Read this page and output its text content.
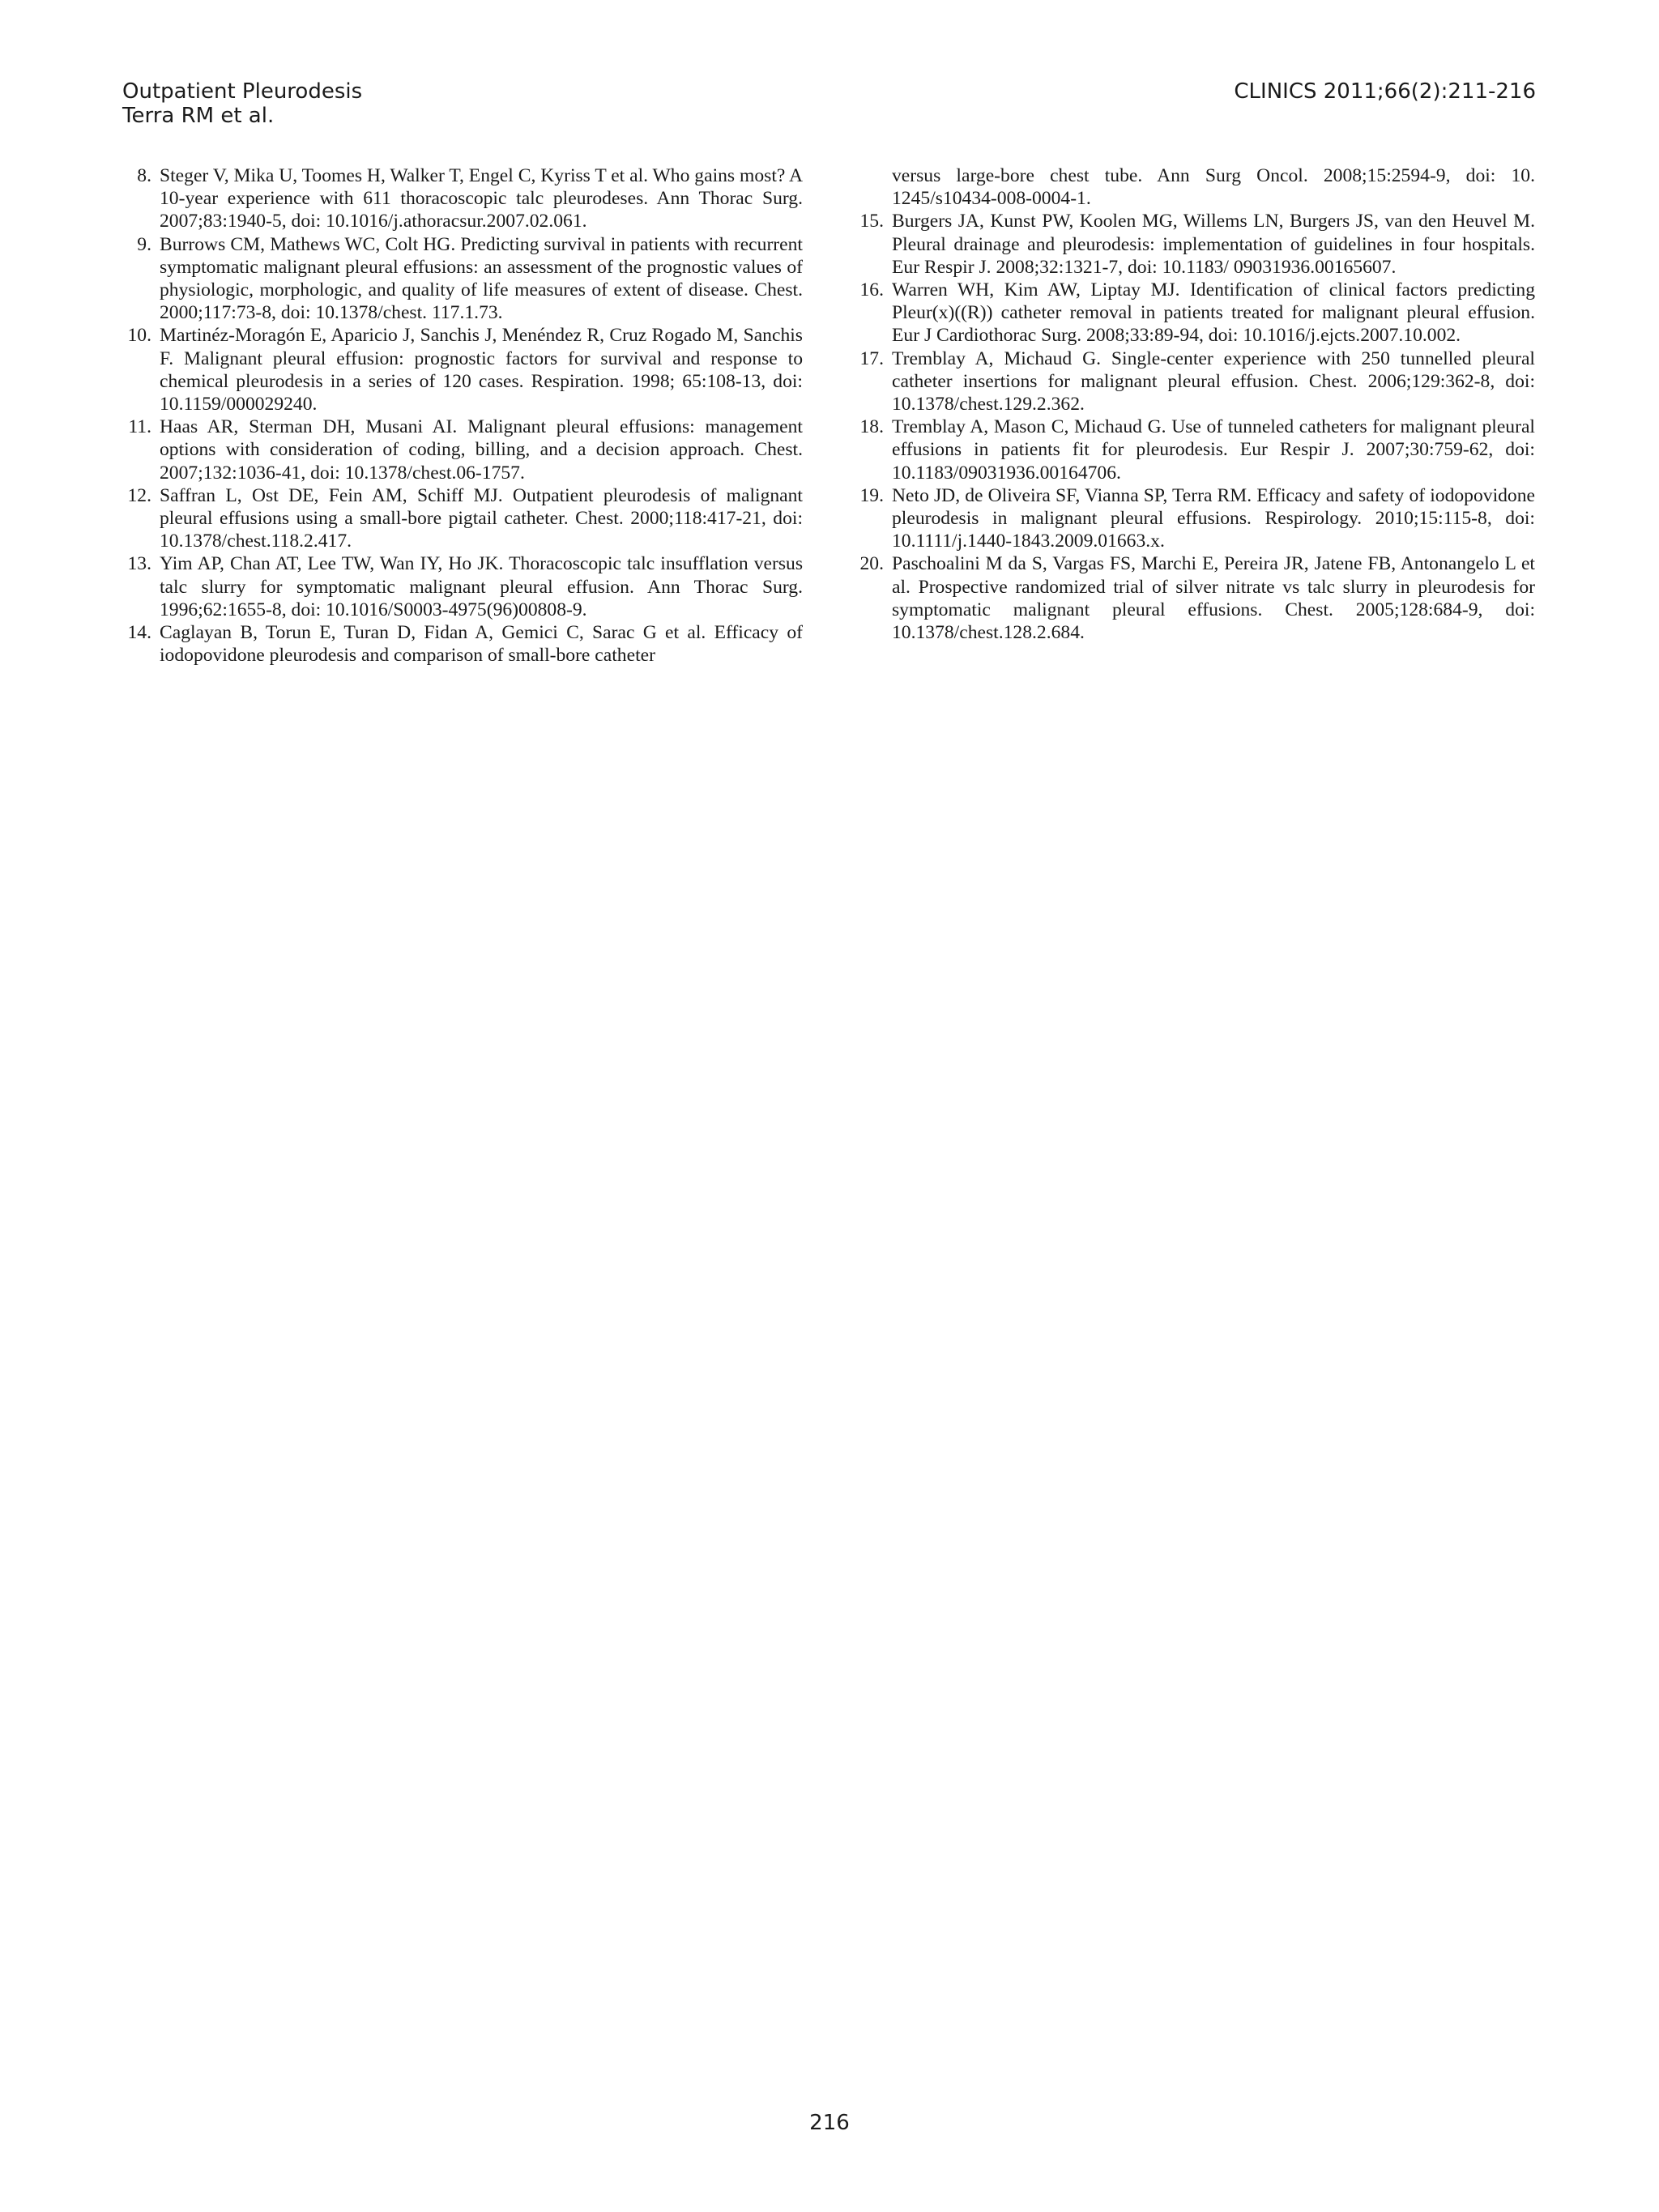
Outpatient Pleurodesis
Terra RM et al.
CLINICS 2011;66(2):211-216

8. Steger V, Mika U, Toomes H, Walker T, Engel C, Kyriss T et al. Who gains most? A 10-year experience with 611 thoracoscopic talc pleurodeses. Ann Thorac Surg. 2007;83:1940-5, doi: 10.1016/j.athoracsur.2007.02.061.

9. Burrows CM, Mathews WC, Colt HG. Predicting survival in patients with recurrent symptomatic malignant pleural effusions: an assessment of the prognostic values of physiologic, morphologic, and quality of life measures of extent of disease. Chest. 2000;117:73-8, doi: 10.1378/chest. 117.1.73.

10. Martinéz-Moragón E, Aparicio J, Sanchis J, Menéndez R, Cruz Rogado M, Sanchis F. Malignant pleural effusion: prognostic factors for survival and response to chemical pleurodesis in a series of 120 cases. Respiration. 1998; 65:108-13, doi: 10.1159/000029240.

11. Haas AR, Sterman DH, Musani AI. Malignant pleural effusions: management options with consideration of coding, billing, and a decision approach. Chest. 2007;132:1036-41, doi: 10.1378/chest.06-1757.

12. Saffran L, Ost DE, Fein AM, Schiff MJ. Outpatient pleurodesis of malignant pleural effusions using a small-bore pigtail catheter. Chest. 2000;118:417-21, doi: 10.1378/chest.118.2.417.

13. Yim AP, Chan AT, Lee TW, Wan IY, Ho JK. Thoracoscopic talc insufflation versus talc slurry for symptomatic malignant pleural effusion. Ann Thorac Surg. 1996;62:1655-8, doi: 10.1016/S0003-4975(96)00808-9.

14. Caglayan B, Torun E, Turan D, Fidan A, Gemici C, Sarac G et al. Efficacy of iodopovidone pleurodesis and comparison of small-bore catheter

versus large-bore chest tube. Ann Surg Oncol. 2008;15:2594-9, doi: 10. 1245/s10434-008-0004-1.

15. Burgers JA, Kunst PW, Koolen MG, Willems LN, Burgers JS, van den Heuvel M. Pleural drainage and pleurodesis: implementation of guidelines in four hospitals. Eur Respir J. 2008;32:1321-7, doi: 10.1183/ 09031936.00165607.

16. Warren WH, Kim AW, Liptay MJ. Identification of clinical factors predicting Pleur(x)((R)) catheter removal in patients treated for malignant pleural effusion. Eur J Cardiothorac Surg. 2008;33:89-94, doi: 10.1016/j.ejcts.2007.10.002.

17. Tremblay A, Michaud G. Single-center experience with 250 tunnelled pleural catheter insertions for malignant pleural effusion. Chest. 2006;129:362-8, doi: 10.1378/chest.129.2.362.

18. Tremblay A, Mason C, Michaud G. Use of tunneled catheters for malignant pleural effusions in patients fit for pleurodesis. Eur Respir J. 2007;30:759-62, doi: 10.1183/09031936.00164706.

19. Neto JD, de Oliveira SF, Vianna SP, Terra RM. Efficacy and safety of iodopovidone pleurodesis in malignant pleural effusions. Respirology. 2010;15:115-8, doi: 10.1111/j.1440-1843.2009.01663.x.

20. Paschoalini M da S, Vargas FS, Marchi E, Pereira JR, Jatene FB, Antonangelo L et al. Prospective randomized trial of silver nitrate vs talc slurry in pleurodesis for symptomatic malignant pleural effusions. Chest. 2005;128:684-9, doi: 10.1378/chest.128.2.684.

216
